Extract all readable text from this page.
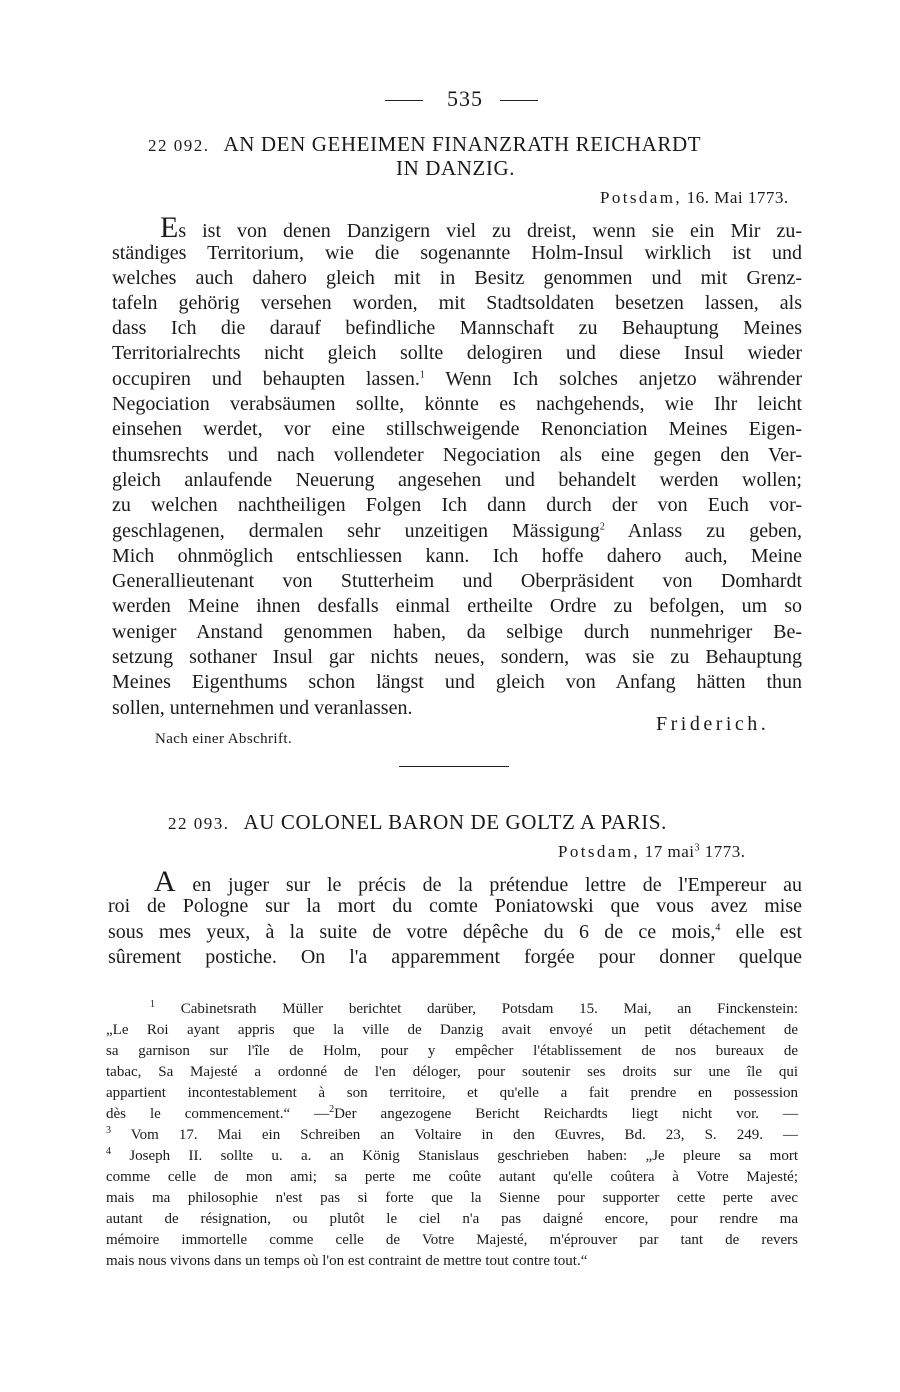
535
22 092. AN DEN GEHEIMEN FINANZRATH REICHARDT
IN DANZIG.
Potsdam, 16. Mai 1773.
Es ist von denen Danzigern viel zu dreist, wenn sie ein Mir zu-
ständiges Territorium, wie die sogenannte Holm-Insul wirklich ist und
welches auch dahero gleich mit in Besitz genommen und mit Grenz-
tafeln gehörig versehen worden, mit Stadtsoldaten besetzen lassen, als
dass Ich die darauf befindliche Mannschaft zu Behauptung Meines
Territorialrechts nicht gleich sollte delogiren und diese Insul wieder
occupiren und behaupten lassen.$^1$ Wenn Ich solches anjetzo währender
Negociation verabsäumen sollte, könnte es nachgehends, wie Ihr leicht
einsehen werdet, vor eine stillschweigende Renonciation Meines Eigen-
thumsrechts und nach vollendeter Negociation als eine gegen den Ver-
gleich anlaufende Neuerung angesehen und behandelt werden wollen;
zu welchen nachtheiligen Folgen Ich dann durch der von Euch vor-
geschlagenen, dermalen sehr unzeitigen Mässigung$^2$ Anlass zu geben,
Mich ohnmöglich entschliessen kann. Ich hoffe dahero auch, Meine
Generallieutenant von Stutterheim und Oberpräsident von Domhardt
werden Meine ihnen desfalls einmal ertheilte Ordre zu befolgen, um so
weniger Anstand genommen haben, da selbige durch nunmehriger Be-
setzung sothaner Insul gar nichts neues, sondern, was sie zu Behauptung
Meines Eigenthums schon längst und gleich von Anfang hätten thun
sollen, unternehmen und veranlassen.
Friderich.
Nach einer Abschrift.
22 093. AU COLONEL BARON DE GOLTZ A PARIS.
Potsdam, 17 mai$^3$ 1773.
A en juger sur le précis de la prétendue lettre de l'Empereur au
roi de Pologne sur la mort du comte Poniatowski que vous avez mise
sous mes yeux, à la suite de votre dépêche du 6 de ce mois,$^4$ elle est
sûrement postiche. On l'a apparemment forgée pour donner quelque
$^1$ Cabinetsrath Müller berichtet darüber, Potsdam 15. Mai, an Finckenstein:
„Le Roi ayant appris que la ville de Danzig avait envoyé un petit détachement de
sa garnison sur l'île de Holm, pour y empêcher l'établissement de nos bureaux de
tabac, Sa Majesté a ordonné de l'en déloger, pour soutenir ses droits sur une île qui
appartient incontestablement à son territoire, et qu'elle a fait prendre en possession
dès le commencement.“ —$^2$Der angezogene Bericht Reichardts liegt nicht vor. —
$^3$ Vom 17. Mai ein Schreiben an Voltaire in den Œuvres, Bd. 23, S. 249. —
$^4$ Joseph II. sollte u. a. an König Stanislaus geschrieben haben: „Je pleure sa mort
comme celle de mon ami; sa perte me coûte autant qu'elle coûtera à Votre Majesté;
mais ma philosophie n'est pas si forte que la Sienne pour supporter cette perte avec
autant de résignation, ou plutôt le ciel n'a pas daigné encore, pour rendre ma
mémoire immortelle comme celle de Votre Majesté, m'éprouver par tant de revers
mais nous vivons dans un temps où l'on est contraint de mettre tout contre tout.“
